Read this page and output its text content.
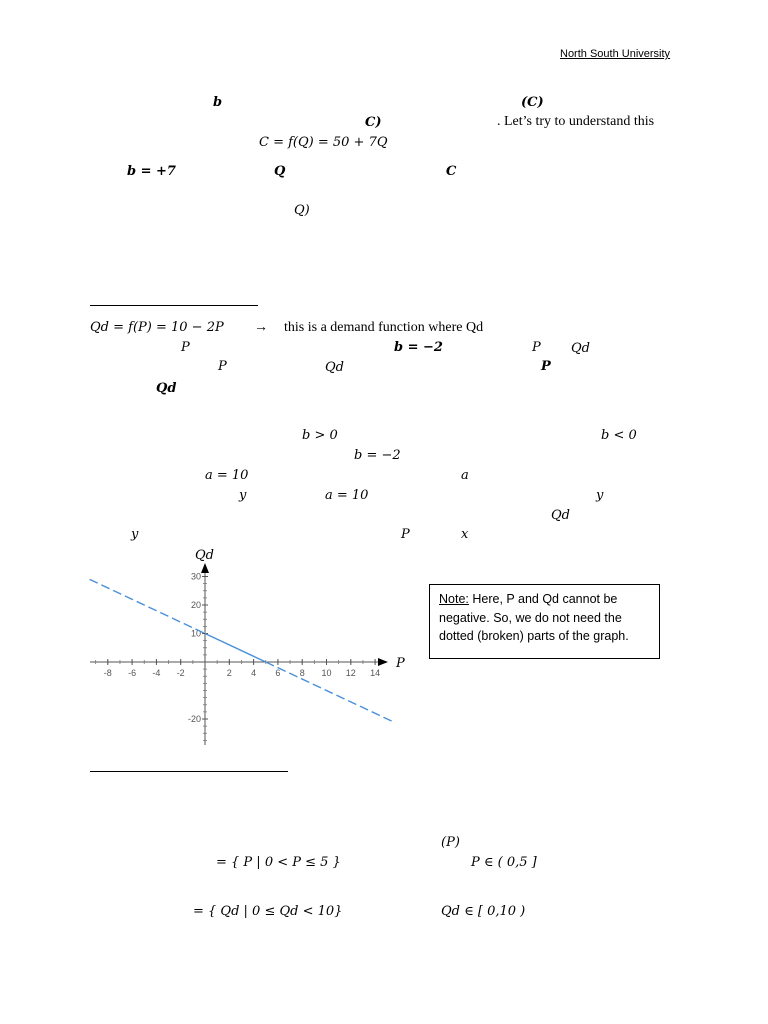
North South University
b	(C)
C)	. Let’s try to understand this
C = f(Q) = 50 + 7Q
b = +7	Q	C
Q)
Qd = f(P) = 10 − 2P → this is a demand function where Qd
P	b = −2	P Qd
P	Qd	P
Qd
b > 0	b < 0
b = −2
a = 10	a
y	a = 10	y
Qd
y	P	x
-8 -6 -4 -2	2 4 6 8 10 12 14
30
20
10
-20
Qd
P
Note: Here, P and Qd cannot be
negative. So, we do not need the
dotted (broken) parts of the graph.
(P)
= { P | 0 < P ≤ 5 }	P ∈ ( 0,5 ]
= { Qd | 0 ≤ Qd < 10}	Qd ∈ [ 0,10 )
